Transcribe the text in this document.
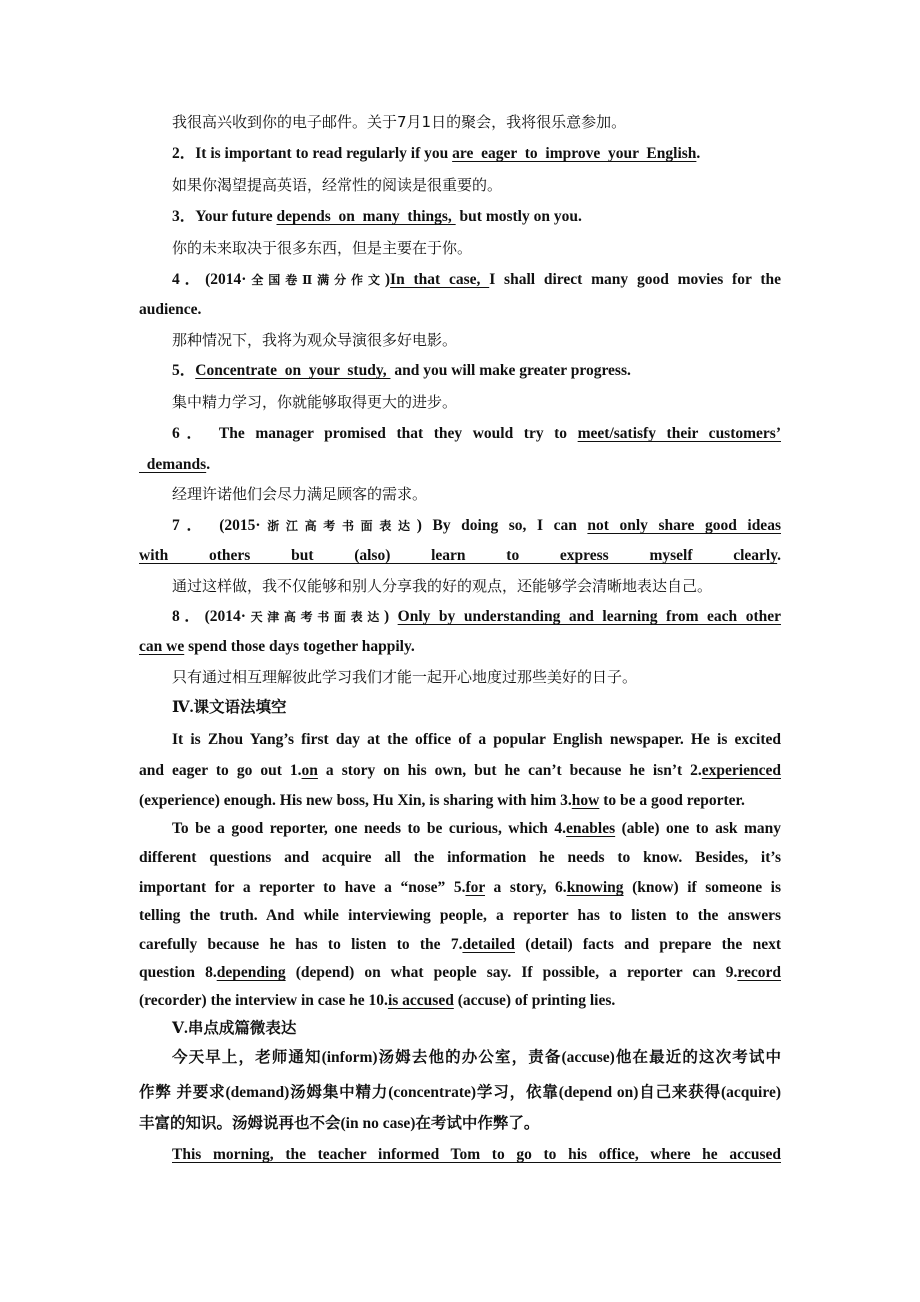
我很高兴收到你的电子邮件。关于7月1日的聚会，我将很乐意参加。
2．It is important to read regularly if you are  eager  to  improve  your  English.
如果你渴望提高英语，经常性的阅读是很重要的。
3．Your future depends  on  many  things,  but mostly on you.
你的未来取决于很多东西，但是主要在于你。
4．(2014·全国卷Ⅱ满分作文)In that case, I shall direct many good movies for the
audience.
那种情况下，我将为观众导演很多好电影。
5．Concentrate  on  your  study,  and you will make greater progress.
集中精力学习，你就能够取得更大的进步。
6． The manager promised that they would try to meet/satisfy their customers’
demands.
经理许诺他们会尽力满足顾客的需求。
7． (2015·浙江高考书面表达) By doing so, I can not only share good ideas
with others but (also) learn to express myself clearly.
通过这样做，我不仅能够和别人分享我的好的观点，还能够学会清晰地表达自己。
8．(2014·天津高考书面表达) Only by understanding and learning from each other
can we spend those days together happily.
只有通过相互理解彼此学习我们才能一起开心地度过那些美好的日子。
Ⅳ.课文语法填空
It is Zhou Yang’s first day at the office of a popular English newspaper. He is excited
and eager to go out 1.on a story on his own, but he can’t because he isn’t 2.experienced
(experience) enough. His new boss, Hu Xin, is sharing with him 3.how to be a good reporter.
To be a good reporter, one needs to be curious, which 4.enables (able) one to ask many
different questions and acquire all the information he needs to know. Besides, it’s
important for a reporter to have a “nose” 5.for a story, 6.knowing (know) if someone is
telling the truth. And while interviewing people, a reporter has to listen to the answers
carefully because he has to listen to the 7.detailed (detail) facts and prepare the next
question 8.depending (depend) on what people say. If possible, a reporter can 9.record
(recorder) the interview in case he 10.is accused (accuse) of printing lies.
Ⅴ.串点成篇微表达
今天早上，老师通知(inform)汤姆去他的办公室，责备(accuse)他在最近的这次考试中
作弊 并要求(demand)汤姆集中精力(concentrate)学习，依靠(depend on)自己来获得(acquire)
丰富的知识。汤姆说再也不会(in no case)在考试中作弊了。
This morning, the teacher informed Tom to go to his office, where he accused
